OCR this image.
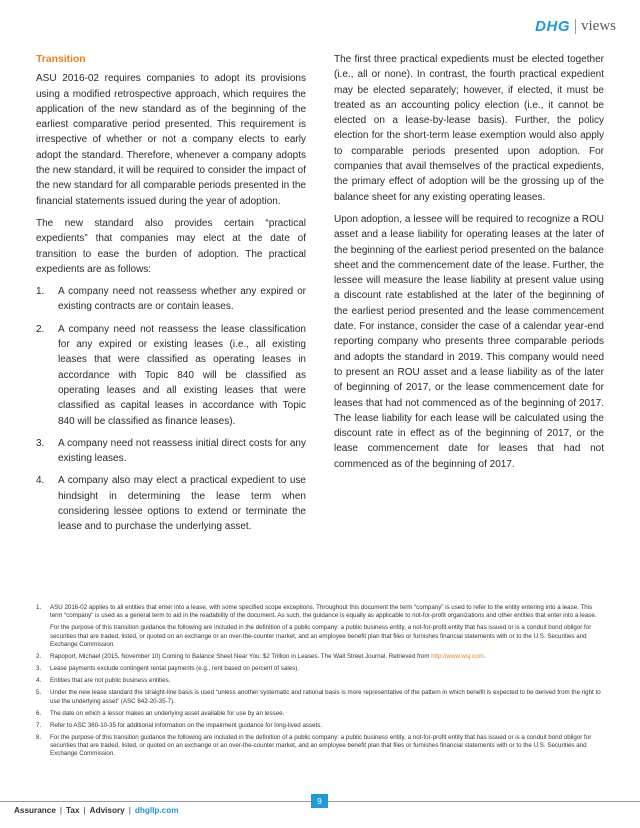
DHG views
Transition

ASU 2016-02 requires companies to adopt its provisions using a modified retrospective approach, which requires the application of the new standard as of the beginning of the earliest comparative period presented. This requirement is irrespective of whether or not a company elects to early adopt the standard. Therefore, whenever a company adopts the new standard, it will be required to consider the impact of the new standard for all comparable periods presented in the financial statements issued during the year of adoption.

The new standard also provides certain “practical expedients” that companies may elect at the date of transition to ease the burden of adoption. The practical expedients are as follows:

1.	A company need not reassess whether any expired or existing contracts are or contain leases.
2.	A company need not reassess the lease classification for any expired or existing leases (i.e., all existing leases that were classified as operating leases in accordance with Topic 840 will be classified as operating leases and all existing leases that were classified as capital leases in accordance with Topic 840 will be classified as finance leases).
3.	A company need not reassess initial direct costs for any existing leases.
4.	A company also may elect a practical expedient to use hindsight in determining the lease term when considering lessee options to extend or terminate the lease and to purchase the underlying asset.

The first three practical expedients must be elected together (i.e., all or none). In contrast, the fourth practical expedient may be elected separately; however, if elected, it must be treated as an accounting policy election (i.e., it cannot be elected on a lease-by-lease basis). Further, the policy election for the short-term lease exemption would also apply to comparable periods presented upon adoption. For companies that avail themselves of the practical expedients, the primary effect of adoption will be the grossing up of the balance sheet for any existing operating leases.

Upon adoption, a lessee will be required to recognize a ROU asset and a lease liability for operating leases at the later of the beginning of the earliest period presented on the balance sheet and the commencement date of the lease. Further, the lessee will measure the lease liability at present value using a discount rate established at the later of the beginning of the earliest period presented and the lease commencement date. For instance, consider the case of a calendar year-end reporting company who presents three comparable periods and adopts the standard in 2019. This company would need to present an ROU asset and a lease liability as of the later of beginning of 2017, or the lease commencement date for leases that had not commenced as of the beginning of 2017. The lease liability for each lease will be calculated using the discount rate in effect as of the beginning of 2017, or the lease commencement date for leases that had not commenced as of the beginning of 2017.

1.	ASU 2016-02 applies to all entities that enter into a lease, with some specified scope exceptions. Throughout this document the term “company” is used to refer to the entity entering into a lease. This term “company” is used as a general term to aid in the readability of the document. As such, the guidance is equally as applicable to not-for-profit organizations and other entities that enter into a lease.
For the purpose of this transition guidance the following are included in the definition of a public company: a public business entity, a not-for-profit entity that has issued or is a conduit bond obligor for securities that are traded, listed, or quoted on an exchange or an over-the-counter market, and an employee benefit plan that files or furnishes financial statements with or to the U.S. Securities and Exchange Commission.
2.	Rapoport, Michael (2015, November 10) Coming to Balance Sheet Near You: $2 Trillion in Leases. The Wall Street Journal. Retrieved from http://www.wsj.com.
3.	Lease payments exclude contingent rental payments (e.g., rent based on percent of sales).
4.	Entities that are not public business entities.
5.	Under the new lease standard the straight-line basis is used “unless another systematic and rational basis is more representative of the pattern in which benefit is expected to be derived from the right to use the underlying asset” (ASC 842-20-35-7).
6.	The date on which a lessor makes an underlying asset available for use by an lessee.
7.	Refer to ASC 360-10-35 for additional information on the impairment guidance for long-lived assets.
8.	For the purpose of this transition guidance the following are included in the definition of a public company: a public business entity, a not-for-profit entity that has issued or is a conduit bond obligor for securities that are traded, listed, or quoted on an exchange or an over-the-counter market, and an employee benefit plan that files or furnishes financial statements with or to the U.S. Securities and Exchange Commission.
Assurance | Tax | Advisory | dhgllp.com
9
